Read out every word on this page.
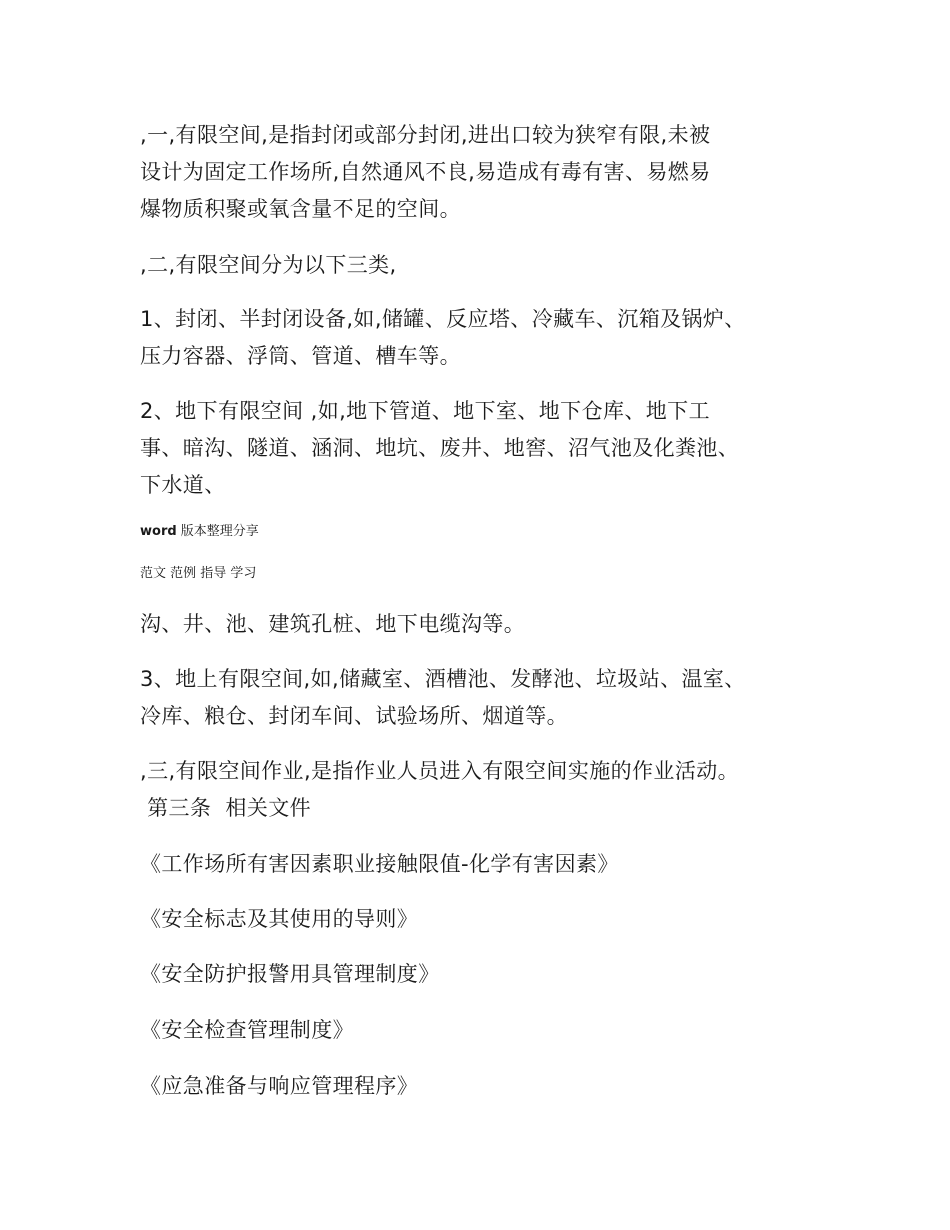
,一,有限空间,是指封闭或部分封闭,进出口较为狭窄有限,未被
设计为固定工作场所,自然通风不良,易造成有毒有害、易燃易
爆物质积聚或氧含量不足的空间。
,二,有限空间分为以下三类,
1、封闭、半封闭设备,如,储罐、反应塔、冷藏车、沉箱及锅炉、
压力容器、浮筒、管道、槽车等。
2、地下有限空间 ,如,地下管道、地下室、地下仓库、地下工
事、暗沟、隧道、涵洞、地坑、废井、地窖、沼气池及化粪池、
下水道、
word 版本整理分享
范文 范例 指导 学习
沟、井、池、建筑孔桩、地下电缆沟等。
3、地上有限空间,如,储藏室、酒槽池、发酵池、垃圾站、温室、
冷库、粮仓、封闭车间、试验场所、烟道等。
,三,有限空间作业,是指作业人员进入有限空间实施的作业活动。
第三条  相关文件
《工作场所有害因素职业接触限值-化学有害因素》
《安全标志及其使用的导则》
《安全防护报警用具管理制度》
《安全检查管理制度》
《应急准备与响应管理程序》
